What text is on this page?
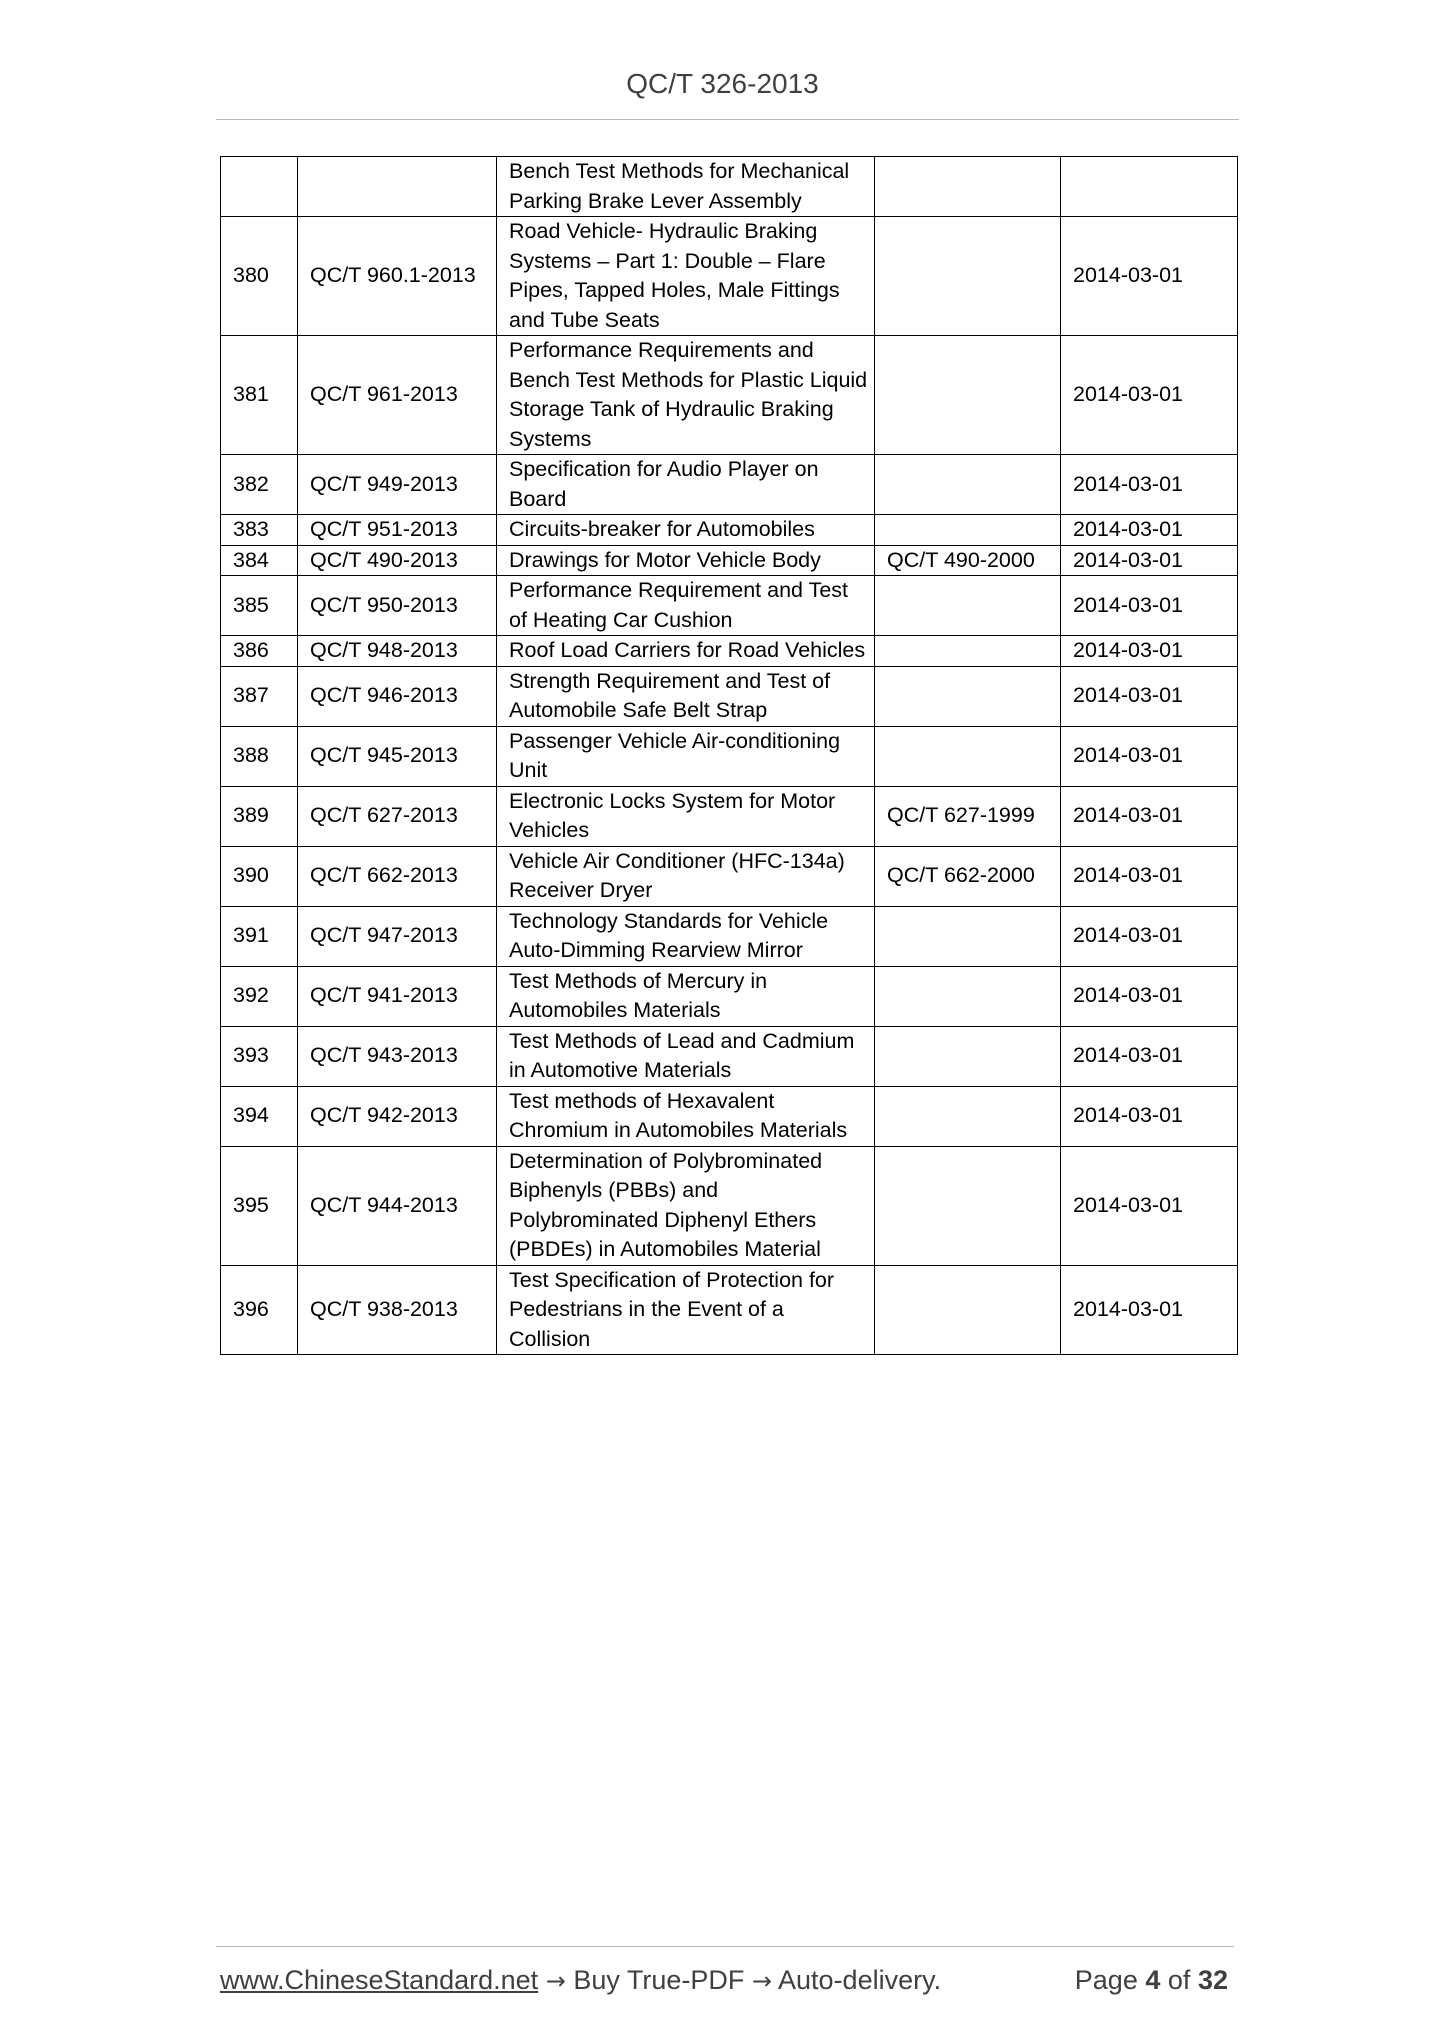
QC/T 326-2013
		Bench Test Methods for Mechanical Parking Brake Lever Assembly		
380	QC/T 960.1-2013	Road Vehicle- Hydraulic Braking Systems – Part 1: Double – Flare Pipes, Tapped Holes, Male Fittings and Tube Seats		2014-03-01
381	QC/T 961-2013	Performance Requirements and Bench Test Methods for Plastic Liquid Storage Tank of Hydraulic Braking Systems		2014-03-01
382	QC/T 949-2013	Specification for Audio Player on Board		2014-03-01
383	QC/T 951-2013	Circuits-breaker for Automobiles		2014-03-01
384	QC/T 490-2013	Drawings for Motor Vehicle Body	QC/T 490-2000	2014-03-01
385	QC/T 950-2013	Performance Requirement and Test of Heating Car Cushion		2014-03-01
386	QC/T 948-2013	Roof Load Carriers for Road Vehicles		2014-03-01
387	QC/T 946-2013	Strength Requirement and Test of Automobile Safe Belt Strap		2014-03-01
388	QC/T 945-2013	Passenger Vehicle Air-conditioning Unit		2014-03-01
389	QC/T 627-2013	Electronic Locks System for Motor Vehicles	QC/T 627-1999	2014-03-01
390	QC/T 662-2013	Vehicle Air Conditioner (HFC-134a) Receiver Dryer	QC/T 662-2000	2014-03-01
391	QC/T 947-2013	Technology Standards for Vehicle Auto-Dimming Rearview Mirror		2014-03-01
392	QC/T 941-2013	Test Methods of Mercury in Automobiles Materials		2014-03-01
393	QC/T 943-2013	Test Methods of Lead and Cadmium in Automotive Materials		2014-03-01
394	QC/T 942-2013	Test methods of Hexavalent Chromium in Automobiles Materials		2014-03-01
395	QC/T 944-2013	Determination of Polybrominated Biphenyls (PBBs) and Polybrominated Diphenyl Ethers (PBDEs) in Automobiles Material		2014-03-01
396	QC/T 938-2013	Test Specification of Protection for Pedestrians in the Event of a Collision		2014-03-01
www.ChineseStandard.net → Buy True-PDF → Auto-delivery.	Page 4 of 32
